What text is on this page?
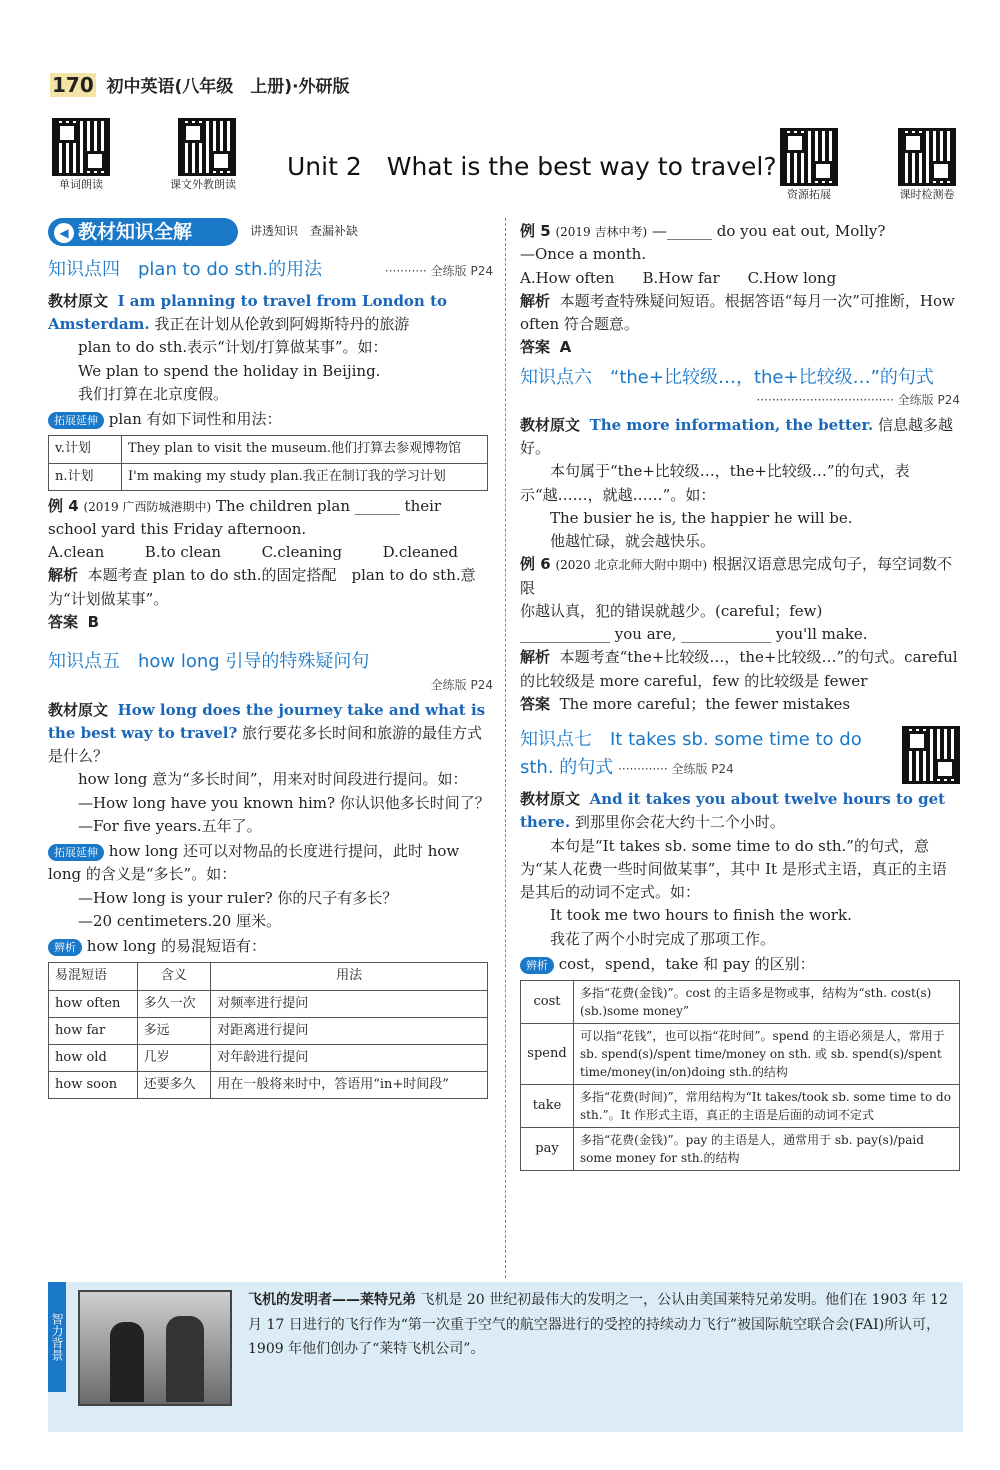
170 初中英语(八年级　上册)·外研版
单词朗读	课文外教朗读
资源拓展	课时检测卷
Unit 2　What is the best way to travel?
◀ 教材知识全解	讲透知识　查漏补缺
知识点四　plan to do sth.的用法	··········· 全练版 P24

教材原文 I am planning to travel from London to Amsterdam. 我正在计划从伦敦到阿姆斯特丹的旅游

plan to do sth.表示“计划/打算做某事”。如：

We plan to spend the holiday in Beijing.

我们打算在北京度假。

拓展延伸 plan 有如下词性和用法：

v.计划	They plan to visit the museum.他们打算去参观博物馆
n.计划	I'm making my study plan.我正在制订我的学习计划

例 4 (2019 广西防城港期中) The children plan ______ their school yard this Friday afternoon.

A.clean	B.to clean	C.cleaning	D.cleaned

解析 本题考查 plan to do sth.的固定搭配　plan to do sth.意为“计划做某事”。

答案 B

知识点五　how long 引导的特殊疑问句
全练版 P24

教材原文 How long does the journey take and what is the best way to travel? 旅行要花多长时间和旅游的最佳方式是什么？

how long 意为“多长时间”，用来对时间段进行提问。如：

—How long have you known him? 你认识他多长时间了？

—For five years.五年了。

拓展延伸 how long 还可以对物品的长度进行提问，此时 how long 的含义是“多长”。如：

—How long is your ruler? 你的尺子有多长？

—20 centimeters.20 厘米。

辨析 how long 的易混短语有：

易混短语	含义	用法
how often	多久一次	对频率进行提问
how far	多远	对距离进行提问
how old	几岁	对年龄进行提问
how soon	还要多久	用在一般将来时中，答语用“in+时间段”

例 5 (2019 吉林中考) —______ do you eat out, Molly?

—Once a month.

A.How often B.How far C.How long

解析 本题考查特殊疑问短语。根据答语“每月一次”可推断，How often 符合题意。

答案 A

知识点六　“the+比较级…，the+比较级…”的句式
···································· 全练版 P24

教材原文 The more information, the better. 信息越多越好。

本句属于“the+比较级…，the+比较级…”的句式，表示“越……，就越……”。如：

The busier he is, the happier he will be.

他越忙碌，就会越快乐。

例 6 (2020 北京北师大附中期中) 根据汉语意思完成句子，每空词数不限

你越认真，犯的错误就越少。(careful；few)

____________ you are, ____________ you'll make.

解析 本题考查“the+比较级…，the+比较级…”的句式。careful 的比较级是 more careful，few 的比较级是 fewer

答案 The more careful；the fewer mistakes

知识点七　It takes sb. some time to do sth. 的句式 ············· 全练版 P24

教材原文 And it takes you about twelve hours to get there. 到那里你会花大约十二个小时。

本句是“It takes sb. some time to do sth.”的句式，意为“某人花费一些时间做某事”，其中 It 是形式主语，真正的主语是其后的动词不定式。如：

It took me two hours to finish the work.

我花了两个小时完成了那项工作。

辨析 cost，spend，take 和 pay 的区别：

cost	多指“花费(金钱)”。cost 的主语多是物或事，结构为“sth. cost(s)(sb.)some money”
spend	可以指“花钱”，也可以指“花时间”。spend 的主语必须是人，常用于 sb. spend(s)/spent time/money on sth. 或 sb. spend(s)/spent time/money(in/on)doing sth.的结构
take	多指“花费(时间)”，常用结构为“It takes/took sb. some time to do sth.”。It 作形式主语，真正的主语是后面的动词不定式
pay	多指“花费(金钱)”。pay 的主语是人，通常用于 sb. pay(s)/paid some money for sth.的结构
智力背景
飞机的发明者——莱特兄弟 飞机是 20 世纪初最伟大的发明之一，公认由美国莱特兄弟发明。他们在 1903 年 12 月 17 日进行的飞行作为“第一次重于空气的航空器进行的受控的持续动力飞行”被国际航空联合会(FAI)所认可，1909 年他们创办了“莱特飞机公司”。
